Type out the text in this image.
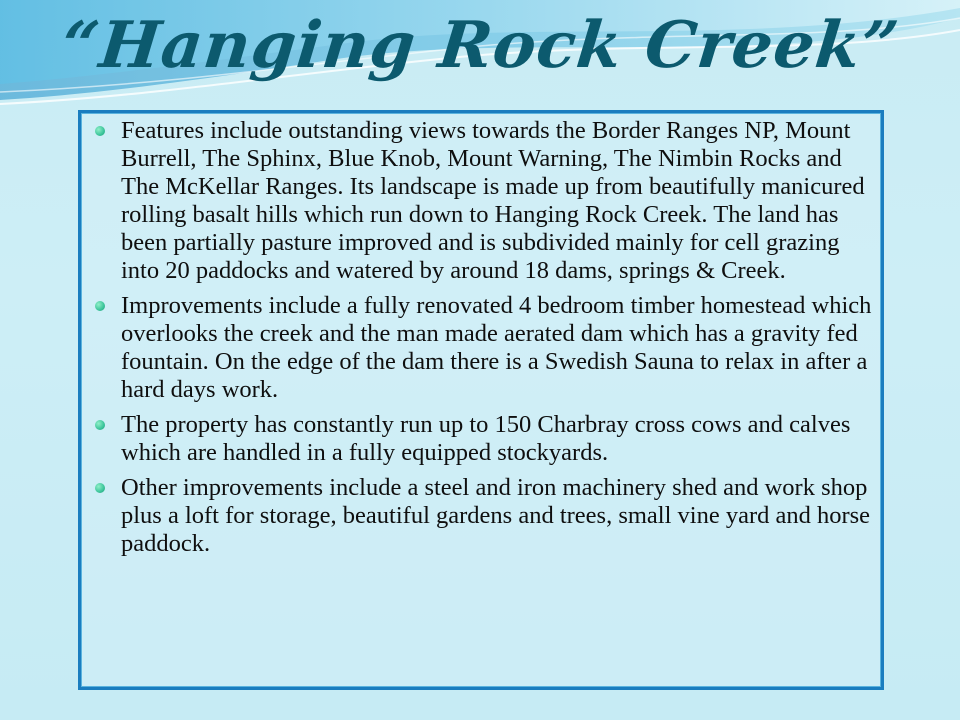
“Hanging Rock Creek”
Features include outstanding views towards the Border Ranges NP, Mount Burrell, The Sphinx, Blue Knob, Mount Warning, The Nimbin Rocks and The McKellar Ranges. Its landscape is made up from beautifully manicured rolling basalt hills which run down to Hanging Rock Creek. The land has been partially pasture improved and is subdivided mainly for cell grazing into 20 paddocks and watered by around 18 dams, springs & Creek.
Improvements include a fully renovated 4 bedroom timber homestead which overlooks the creek and the man made aerated dam which has a gravity fed fountain. On the edge of the dam there is a Swedish Sauna to relax in after a hard days work.
The property has constantly run up to 150 Charbray cross cows and calves which are handled in a fully equipped stockyards.
Other improvements include a steel and iron machinery shed and work shop plus a loft for storage, beautiful gardens and trees, small vine yard and horse paddock.
